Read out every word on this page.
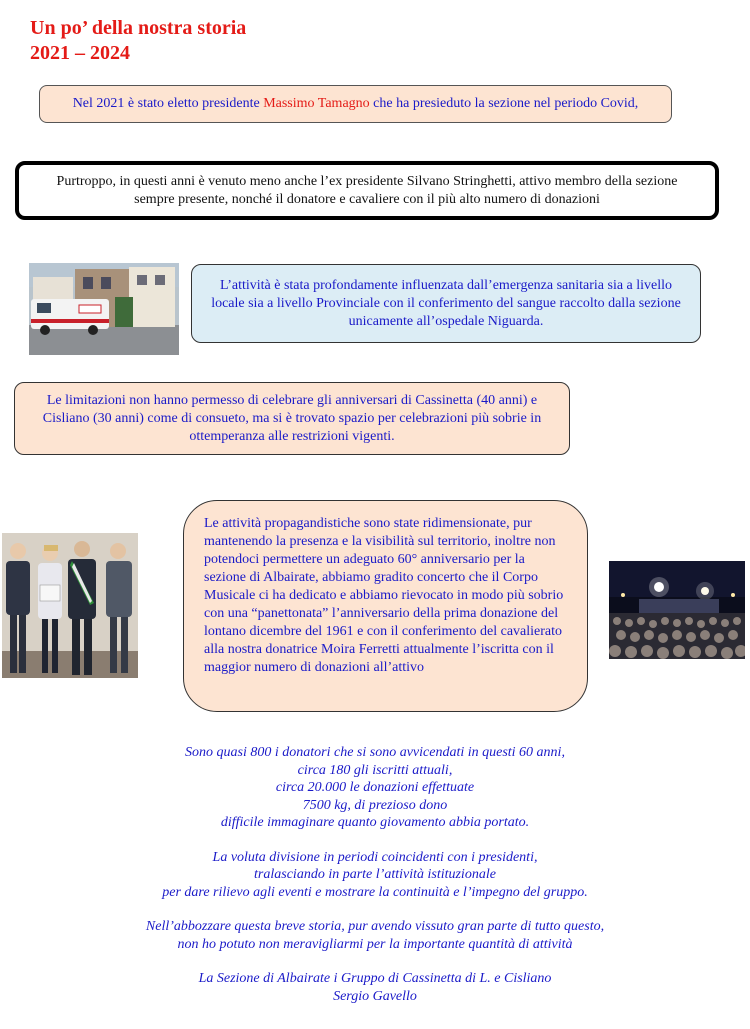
Un po’ della nostra storia
2021 – 2024
Nel 2021 è stato eletto presidente Massimo Tamagno che ha presieduto la sezione nel periodo Covid,
Purtroppo, in questi anni è venuto meno anche l’ex presidente Silvano Stringhetti, attivo membro della sezione sempre presente, nonché il donatore e cavaliere con il più alto numero di donazioni
L’attività è stata profondamente influenzata dall’emergenza sanitaria sia a livello locale sia a livello Provinciale con il conferimento del sangue raccolto dalla sezione unicamente all’ospedale Niguarda.
Le limitazioni non hanno permesso di celebrare gli anniversari di Cassinetta (40 anni) e Cisliano (30 anni) come di consueto, ma si è trovato spazio per celebrazioni più sobrie in ottemperanza alle restrizioni vigenti.

Le attività propagandistiche sono state ridimensionate, pur mantenendo la presenza e la visibilità sul territorio, inoltre non potendoci permettere un adeguato 60° anniversario per la sezione di Albairate, abbiamo gradito concerto che il Corpo Musicale ci ha dedicato e abbiamo rievocato in modo più sobrio con una “panettonata” l’anniversario della prima donazione del lontano dicembre del 1961 e con il conferimento del cavalierato alla nostra donatrice Moira Ferretti attualmente l’iscritta con il maggior numero di donazioni all’attivo

Sono quasi 800 i donatori che si sono avvicendati in questi 60 anni,
circa 180 gli iscritti attuali,
circa 20.000 le donazioni effettuate
7500 kg, di prezioso dono
difficile immaginare quanto giovamento abbia portato.
La voluta divisione in periodi coincidenti con i presidenti,
tralasciando in parte l’attività istituzionale
per dare rilievo agli eventi e mostrare la continuità e l’impegno del gruppo.
Nell’abbozzare questa breve storia, pur avendo vissuto gran parte di tutto questo,
non ho potuto non meravigliarmi per la importante quantità di attività
La Sezione di Albairate i Gruppo di Cassinetta di L. e Cisliano
Sergio Gavello
